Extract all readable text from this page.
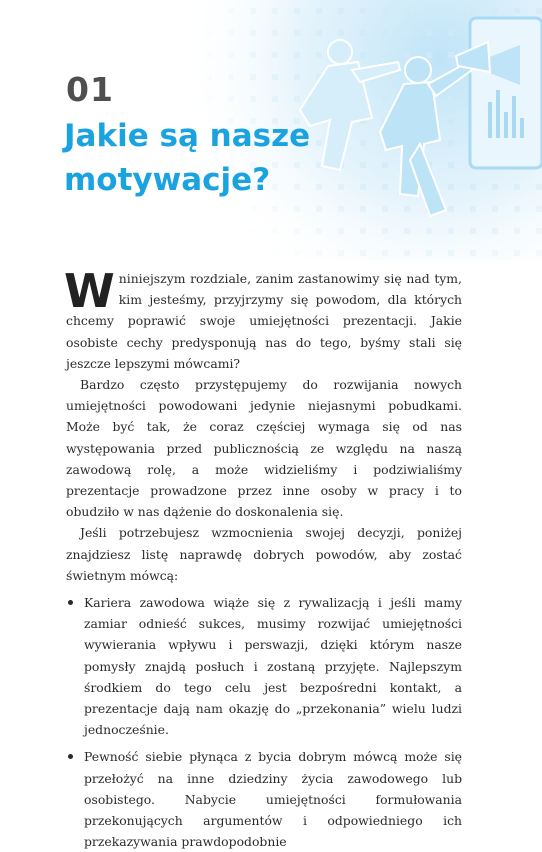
01
Jakie są nasze motywacje?

W niniejszym rozdziale, zanim zastanowimy się nad tym, kim jesteśmy, przyjrzymy się powodom, dla których chcemy poprawić swoje umiejętności prezentacji. Jakie osobiste cechy predysponują nas do tego, byśmy stali się jeszcze lepszymi mówcami?

Bardzo często przystępujemy do rozwijania nowych umiejętności powodowani jedynie niejasnymi pobudkami. Może być tak, że coraz częściej wymaga się od nas występowania przed publicznością ze względu na naszą zawodową rolę, a może widzieliśmy i podziwialiśmy prezentacje prowadzone przez inne osoby w pracy i to obudziło w nas dążenie do doskonalenia się.

Jeśli potrzebujesz wzmocnienia swojej decyzji, poniżej znajdziesz listę naprawdę dobrych powodów, aby zostać świetnym mówcą:

Kariera zawodowa wiąże się z rywalizacją i jeśli mamy zamiar odnieść sukces, musimy rozwijać umiejętności wywierania wpływu i perswazji, dzięki którym nasze pomysły znajdą posłuch i zostaną przyjęte. Najlepszym środkiem do tego celu jest bezpośredni kontakt, a prezentacje dają nam okazję do „przekonania” wielu ludzi jednocześnie.
Pewność siebie płynąca z bycia dobrym mówcą może się przełożyć na inne dziedziny życia zawodowego lub osobistego. Nabycie umiejętności formułowania przekonujących argumentów i odpowiedniego ich przekazywania prawdopodobnie
